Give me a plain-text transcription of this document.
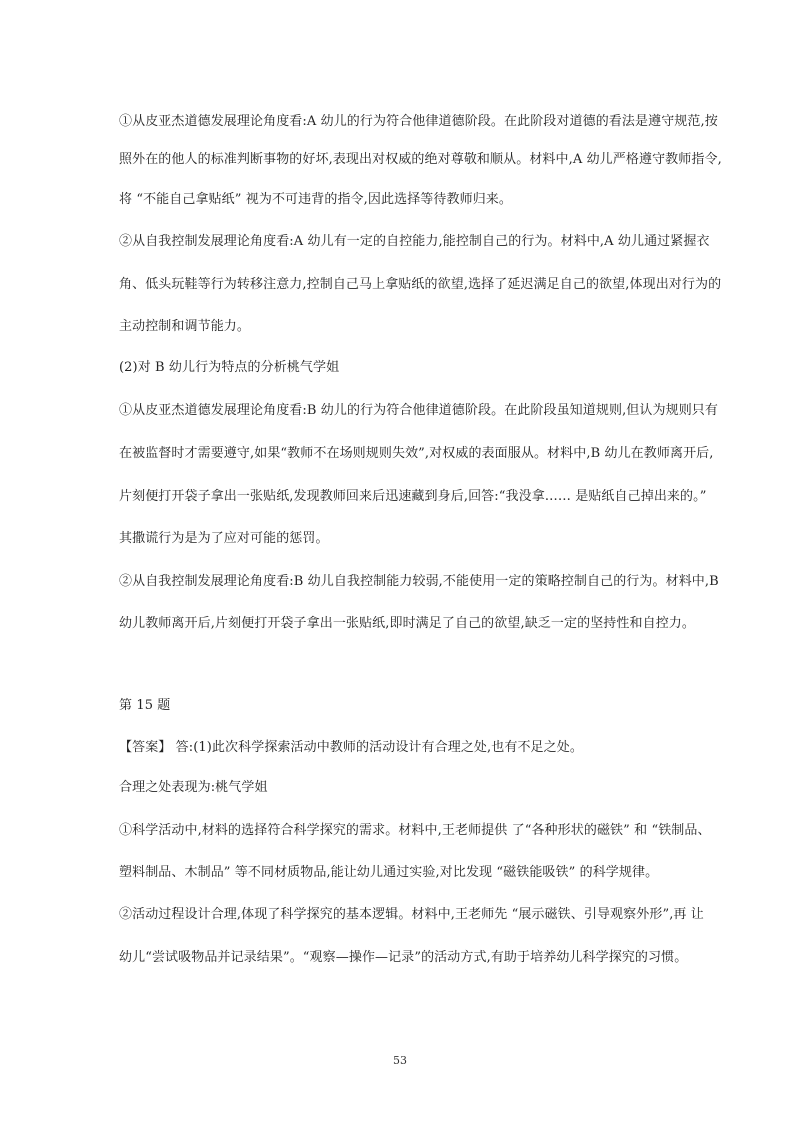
①从皮亚杰道德发展理论角度看:A 幼儿的行为符合他律道德阶段。在此阶段对道德的看法是遵守规范,按
照外在的他人的标准判断事物的好坏,表现出对权威的绝对尊敬和顺从。材料中,A 幼儿严格遵守教师指令,
将 “不能自己拿贴纸” 视为不可违背的指令,因此选择等待教师归来。
②从自我控制发展理论角度看:A 幼儿有一定的自控能力,能控制自己的行为。材料中,A 幼儿通过紧握衣
角、低头玩鞋等行为转移注意力,控制自己马上拿贴纸的欲望,选择了延迟满足自己的欲望,体现出对行为的
主动控制和调节能力。
(2)对 B 幼儿行为特点的分析桃气学姐
①从皮亚杰道德发展理论角度看:B 幼儿的行为符合他律道德阶段。在此阶段虽知道规则,但认为规则只有
在被监督时才需要遵守,如果“教师不在场则规则失效”,对权威的表面服从。材料中,B 幼儿在教师离开后,
片刻便打开袋子拿出一张贴纸,发现教师回来后迅速藏到身后,回答:“我没拿…… 是贴纸自己掉出来的。”
其撒谎行为是为了应对可能的惩罚。
②从自我控制发展理论角度看:B 幼儿自我控制能力较弱,不能使用一定的策略控制自己的行为。材料中,B
幼儿教师离开后,片刻便打开袋子拿出一张贴纸,即时满足了自己的欲望,缺乏一定的坚持性和自控力。
第 15 题
【答案】 答:(1)此次科学探索活动中教师的活动设计有合理之处,也有不足之处。
合理之处表现为:桃气学姐
①科学活动中,材料的选择符合科学探究的需求。材料中,王老师提供 了“各种形状的磁铁” 和 “铁制品、
塑料制品、木制品” 等不同材质物品,能让幼儿通过实验,对比发现 “磁铁能吸铁” 的科学规律。
②活动过程设计合理,体现了科学探究的基本逻辑。材料中,王老师先 “展示磁铁、引导观察外形”,再 让
幼儿“尝试吸物品并记录结果”。“观察—操作—记录”的活动方式,有助于培养幼儿科学探究的习惯。
53
